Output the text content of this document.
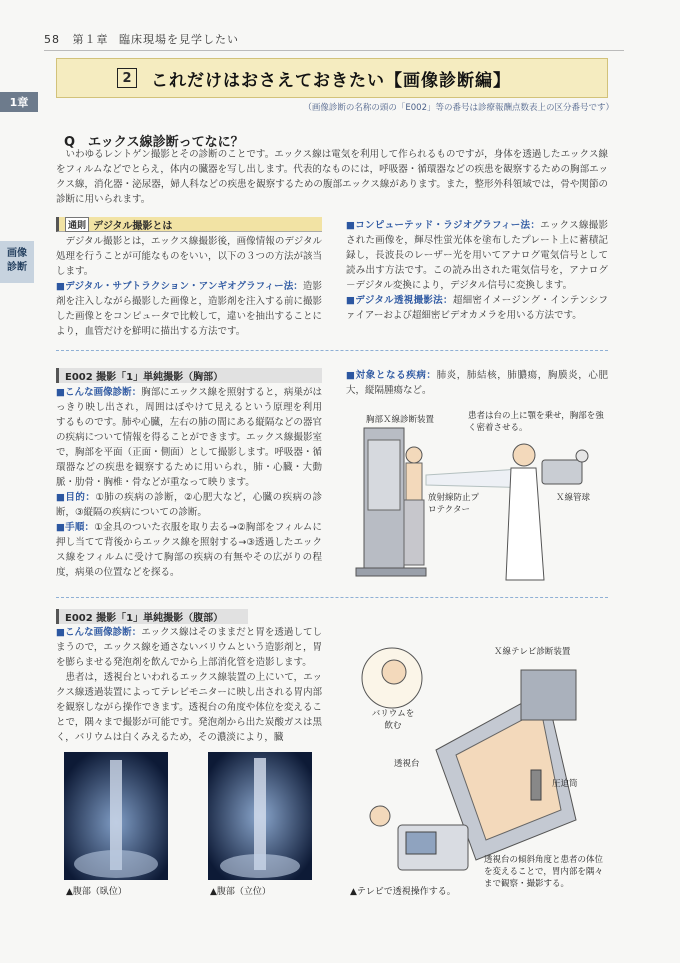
58 第１章 臨床現場を見学したい
1章
画像
診断
2	これだけはおさえておきたい【画像診断編】
（画像診断の名称の頭の「E002」等の番号は診療報酬点数表上の区分番号です）
Q　エックス線診断ってなに？
いわゆるレントゲン撮影とその診断のことです。エックス線は電気を利用して作られるものですが，身体を透過したエックス線をフィルムなどでとらえ，体内の臓器を写し出します。代表的なものには，呼吸器・循環器などの疾患を観察するための胸部エックス線，消化器・泌尿器，婦人科などの疾患を観察するための腹部エックス線があります。また，整形外科領域では，骨や関節の診断に用いられます。
通則 デジタル撮影とは

デジタル撮影とは，エックス線撮影後，画像情報のデジタル処理を行うことが可能なものをいい，以下の３つの方法が該当します。

■デジタル・サブトラクション・アンギオグラフィー法：造影剤を注入しながら撮影した画像と，造影剤を注入する前に撮影した画像とをコンピュータで比較して，違いを抽出することにより，血管だけを鮮明に描出する方法です。

■コンピューテッド・ラジオグラフィー法：エックス線撮影された画像を，輝尽性蛍光体を塗布したプレート上に蓄積記録し，長波長のレーザー光を用いてアナログ電気信号として読み出す方法です。この読み出された電気信号を，アナログ－デジタル変換により，デジタル信号に変換します。

■デジタル透視撮影法：超細密イメージング・インテンシファイアーおよび超細密ビデオカメラを用いる方法です。

E002 撮影「1」単純撮影（胸部）

■こんな画像診断：胸部にエックス線を照射すると，病巣がはっきり映し出され，周囲はぼやけて見えるという原理を利用するものです。肺や心臓，左右の肺の間にある縦隔などの器官の疾病について情報を得ることができます。エックス線撮影室で，胸部を平面（正面・側面）として撮影します。呼吸器・循環器などの疾患を観察するために用いられ，肺・心臓・大動脈・肋骨・胸椎・骨などが重なって映ります。

■目的：①肺の疾病の診断，②心肥大など，心臓の疾病の診断，③縦隔の疾病についての診断。

■手順：①金具のついた衣服を取り去る→②胸部をフィルムに押し当てて背後からエックス線を照射する→③透過したエックス線をフィルムに受けて胸部の疾病の有無やその広がりの程度，病巣の位置などを探る。

■対象となる疾病：肺炎，肺結核，肺膿瘍，胸膜炎，心肥大，縦隔腫瘍など。
胸部Ｘ線診断装置	患者は台の上に顎を乗せ，胸部を強く密着させる。
放射線防止プロテクター
Ｘ線管球
E002 撮影「1」単純撮影（腹部）

■こんな画像診断：エックス線はそのままだと胃を透過してしまうので，エックス線を通さないバリウムという造影剤と，胃を膨らませる発泡剤を飲んでから上部消化管を造影します。

患者は，透視台といわれるエックス線装置の上にいて，エックス線透過装置によってテレビモニターに映し出される胃内部を観察しながら操作できます。透視台の角度や体位を変えることで，隅々まで撮影が可能です。発泡剤から出た炭酸ガスは黒く，バリウムは白くみえるため，その濃淡により，臓

▲腹部（臥位）	▲腹部（立位）
Ｘ線テレビ診断装置
バリウムを飲む
透視台
圧迫筒
透視台の傾斜角度と患者の体位を変えることで，胃内部を隅々まで観察・撮影する。
▲テレビで透視操作する。
